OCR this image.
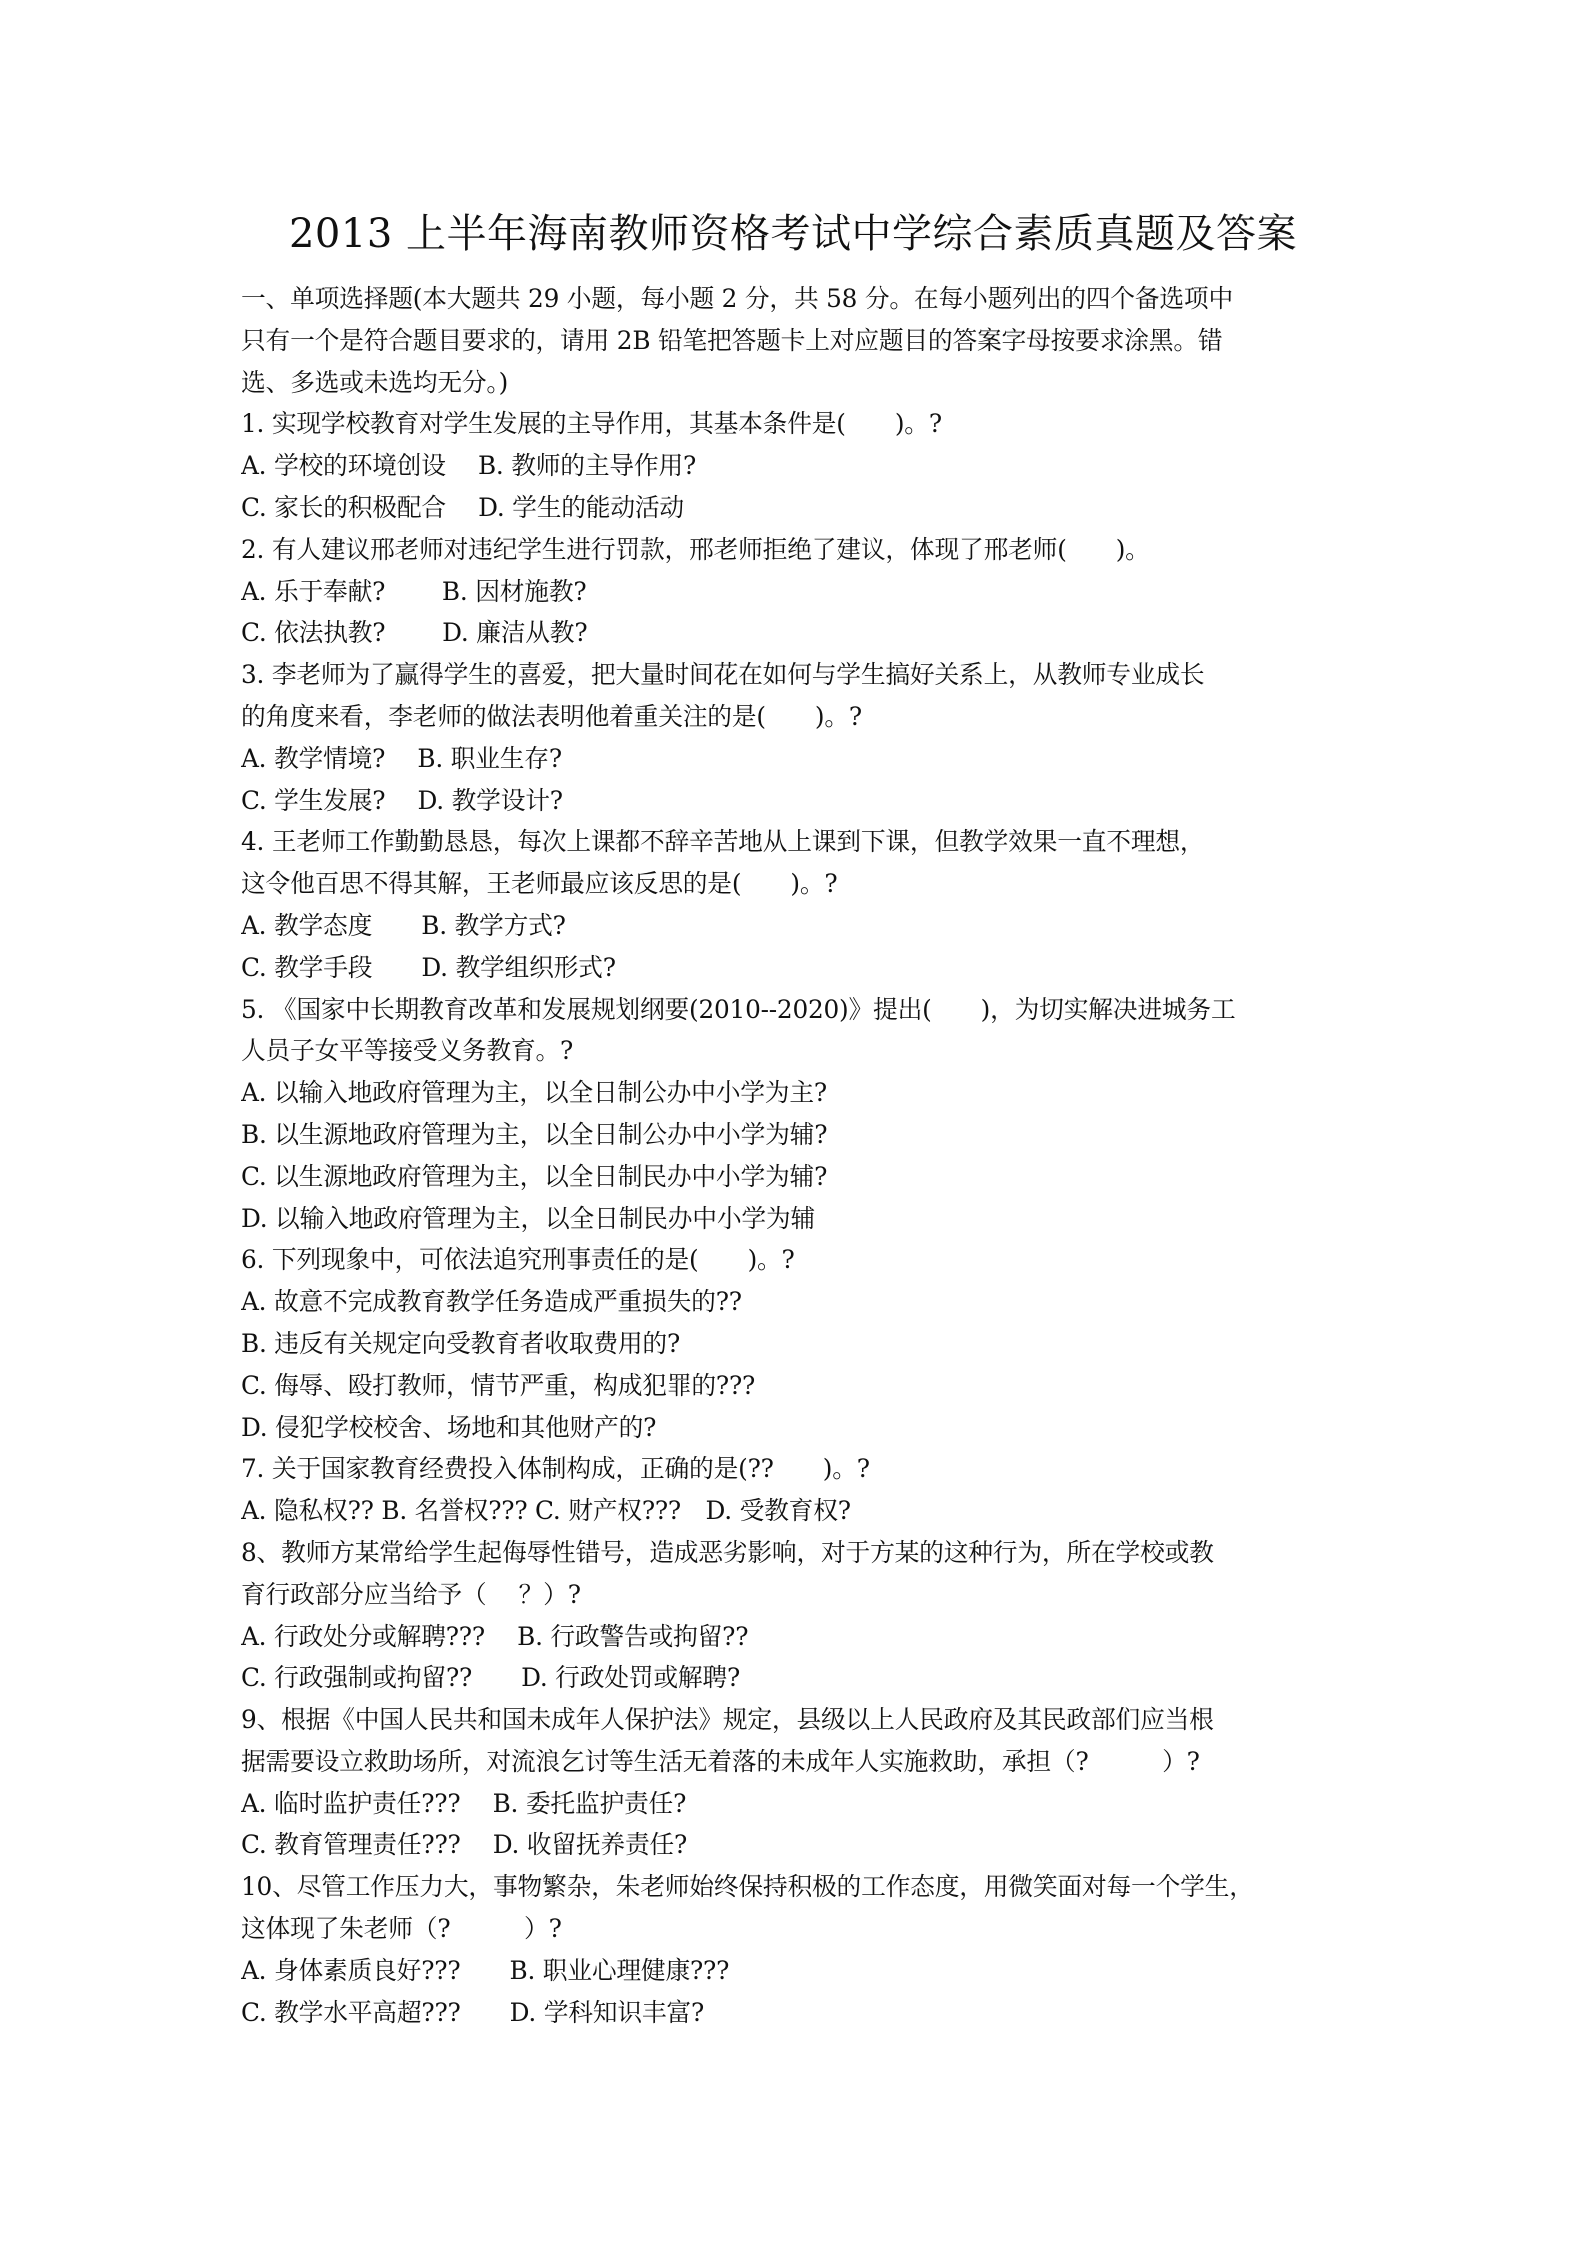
2013 上半年海南教师资格考试中学综合素质真题及答案
一、单项选择题(本大题共 29 小题，每小题 2 分，共 58 分。在每小题列出的四个备选项中
只有一个是符合题目要求的，请用 2B 铅笔把答题卡上对应题目的答案字母按要求涂黑。错
选、多选或未选均无分。)
1. 实现学校教育对学生发展的主导作用，其基本条件是(　　)。?
A. 学校的环境创设　 B. 教师的主导作用?
C. 家长的积极配合　 D. 学生的能动活动
2. 有人建议邢老师对违纪学生进行罚款，邢老师拒绝了建议，体现了邢老师(　　)。
A. 乐于奉献?　　 B. 因材施教?
C. 依法执教?　　 D. 廉洁从教?
3. 李老师为了赢得学生的喜爱，把大量时间花在如何与学生搞好关系上，从教师专业成长
的角度来看，李老师的做法表明他着重关注的是(　　)。?
A. 教学情境?　 B. 职业生存?
C. 学生发展?　 D. 教学设计?
4. 王老师工作勤勤恳恳，每次上课都不辞辛苦地从上课到下课，但教学效果一直不理想，
这令他百思不得其解，王老师最应该反思的是(　　)。?
A. 教学态度　　B. 教学方式?
C. 教学手段　　D. 教学组织形式?
5. 《国家中长期教育改革和发展规划纲要(2010--2020)》提出(　　)，为切实解决进城务工
人员子女平等接受义务教育。?
A. 以输入地政府管理为主，以全日制公办中小学为主?
B. 以生源地政府管理为主，以全日制公办中小学为辅?
C. 以生源地政府管理为主，以全日制民办中小学为辅?
D. 以输入地政府管理为主，以全日制民办中小学为辅
6. 下列现象中，可依法追究刑事责任的是(　　)。?
A. 故意不完成教育教学任务造成严重损失的??
B. 违反有关规定向受教育者收取费用的?
C. 侮辱、殴打教师，情节严重，构成犯罪的???
D. 侵犯学校校舍、场地和其他财产的?
7. 关于国家教育经费投入体制构成，正确的是(??　　)。?
A. 隐私权?? B. 名誉权??? C. 财产权???　D. 受教育权?
8、教师方某常给学生起侮辱性错号，造成恶劣影响，对于方某的这种行为，所在学校或教
育行政部分应当给予（　 ？）?
A. 行政处分或解聘???　 B. 行政警告或拘留??
C. 行政强制或拘留??　　D. 行政处罚或解聘?
9、根据《中国人民共和国未成年人保护法》规定，县级以上人民政府及其民政部们应当根
据需要设立救助场所，对流浪乞讨等生活无着落的未成年人实施救助，承担（?　　　）?
A. 临时监护责任???　 B. 委托监护责任?
C. 教育管理责任???　 D. 收留抚养责任?
10、尽管工作压力大，事物繁杂，朱老师始终保持积极的工作态度，用微笑面对每一个学生，
这体现了朱老师（?　　　）?
A. 身体素质良好???　　B. 职业心理健康???
C. 教学水平高超???　　D. 学科知识丰富?
